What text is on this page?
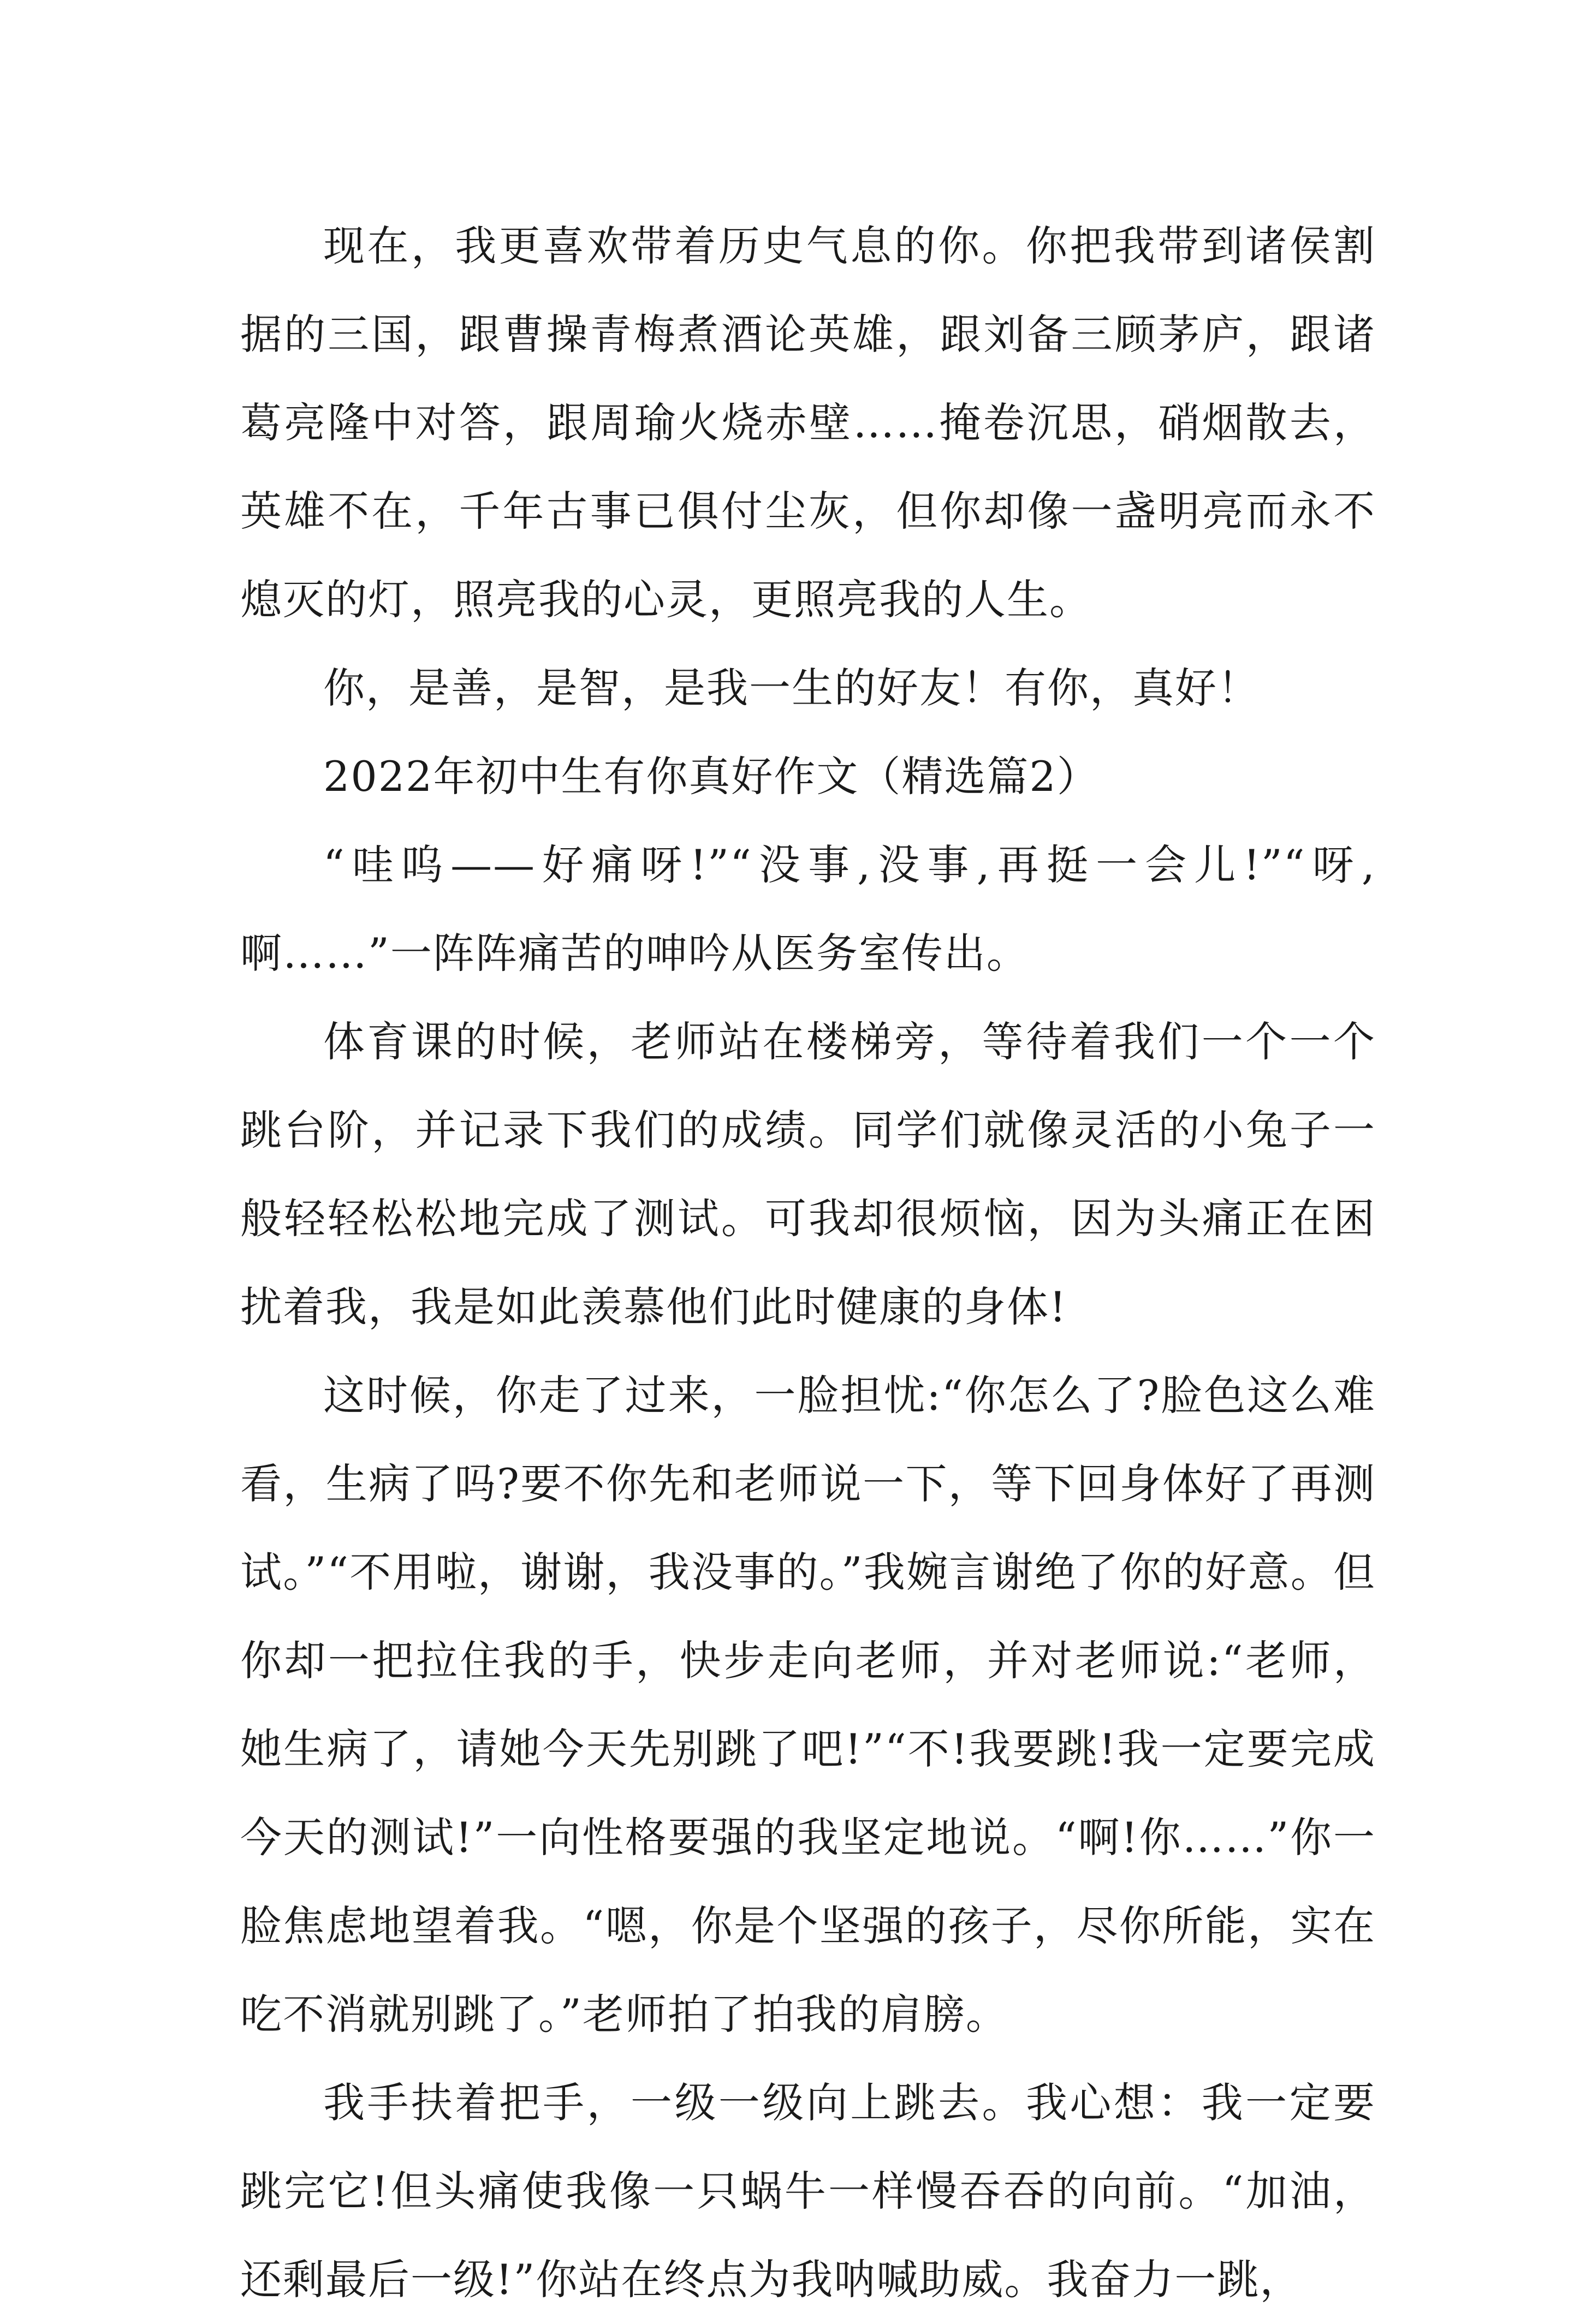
现在，我更喜欢带着历史气息的你。你把我带到诸侯割据的三国，跟曹操青梅煮酒论英雄，跟刘备三顾茅庐，跟诸葛亮隆中对答，跟周瑜火烧赤壁……掩卷沉思，硝烟散去，英雄不在，千年古事已俱付尘灰，但你却像一盏明亮而永不熄灭的灯，照亮我的心灵，更照亮我的人生。

你，是善，是智，是我一生的好友！有你，真好！

2022年初中生有你真好作文（精选篇2）

“哇呜——好痛呀!”“没事,没事,再挺一会儿!”“呀,啊……”一阵阵痛苦的呻吟从医务室传出。

体育课的时候，老师站在楼梯旁，等待着我们一个一个跳台阶，并记录下我们的成绩。同学们就像灵活的小兔子一般轻轻松松地完成了测试。可我却很烦恼，因为头痛正在困扰着我，我是如此羡慕他们此时健康的身体!

这时候，你走了过来，一脸担忧:“你怎么了?脸色这么难看，生病了吗?要不你先和老师说一下，等下回身体好了再测试。”“不用啦，谢谢，我没事的。”我婉言谢绝了你的好意。但你却一把拉住我的手，快步走向老师，并对老师说:“老师，她生病了，请她今天先别跳了吧!”“不!我要跳!我一定要完成今天的测试!”一向性格要强的我坚定地说。“啊!你……”你一脸焦虑地望着我。“嗯，你是个坚强的孩子，尽你所能，实在吃不消就别跳了。”老师拍了拍我的肩膀。

我手扶着把手，一级一级向上跳去。我心想：我一定要跳完它!但头痛使我像一只蜗牛一样慢吞吞的向前。“加油，还剩最后一级!”你站在终点为我呐喊助威。我奋力一跳，
